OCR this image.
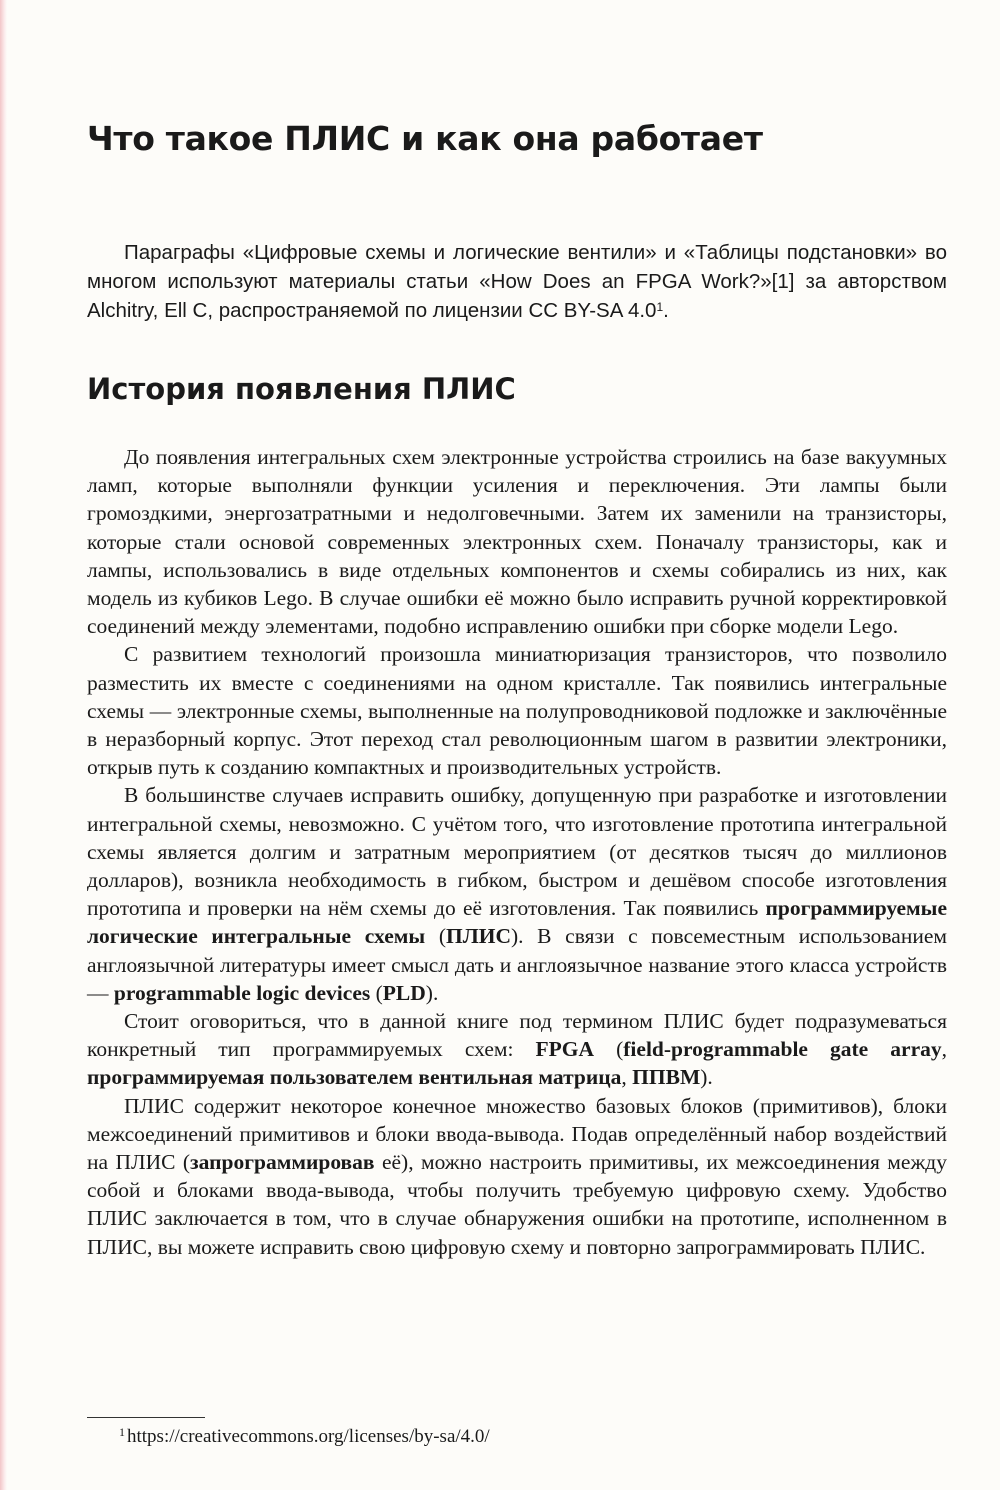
Что такое ПЛИС и как она работает

Параграфы «Цифровые схемы и логические вентили» и «Таблицы подстановки» во многом используют материалы статьи «How Does an FPGA Work?»[1] за авторством Alchitry, Ell C, распространяемой по лицензии CC BY-SA $4.0^1$.

История появления ПЛИС

До появления интегральных схем электронные устройства строились на базе вакуумных ламп, которые выполняли функции усиления и переключения. Эти лампы были громоздкими, энергозатратными и недолговечными. Затем их заменили на транзисторы, которые стали основой современных электронных схем. Поначалу транзисторы, как и лампы, использовались в виде отдельных компонентов и схемы собирались из них, как модель из кубиков Lego. В случае ошибки её можно было исправить ручной корректировкой соединений между элементами, подобно исправлению ошибки при сборке модели Lego.

С развитием технологий произошла миниатюризация транзисторов, что позволило разместить их вместе с соединениями на одном кристалле. Так появились интегральные схемы — электронные схемы, выполненные на полупроводниковой подложке и заключённые в неразборный корпус. Этот переход стал революционным шагом в развитии электроники, открыв путь к созданию компактных и производительных устройств.

В большинстве случаев исправить ошибку, допущенную при разработке и изготовлении интегральной схемы, невозможно. С учётом того, что изготовление прототипа интегральной схемы является долгим и затратным мероприятием (от десятков тысяч до миллионов долларов), возникла необходимость в гибком, быстром и дешёвом способе изготовления прототипа и проверки на нём схемы до её изготовления. Так появились программируемые логические интегральные схемы (ПЛИС). В связи с повсеместным использованием англоязычной литературы имеет смысл дать и англоязычное название этого класса устройств — programmable logic devices (PLD).

Стоит оговориться, что в данной книге под термином ПЛИС будет подразумеваться конкретный тип программируемых схем: FPGA (field-programmable gate array, программируемая пользователем вентильная матрица, ППВМ).

ПЛИС содержит некоторое конечное множество базовых блоков (примитивов), блоки межсоединений примитивов и блоки ввода-вывода. Подав определённый набор воздействий на ПЛИС (запрограммировав её), можно настроить примитивы, их межсоединения между собой и блоками ввода-вывода, чтобы получить требуемую цифровую схему. Удобство ПЛИС заключается в том, что в случае обнаружения ошибки на прототипе, исполненном в ПЛИС, вы можете исправить свою цифровую схему и повторно запрограммировать ПЛИС.

$^1$ https://creativecommons.org/licenses/by-sa/4.0/
